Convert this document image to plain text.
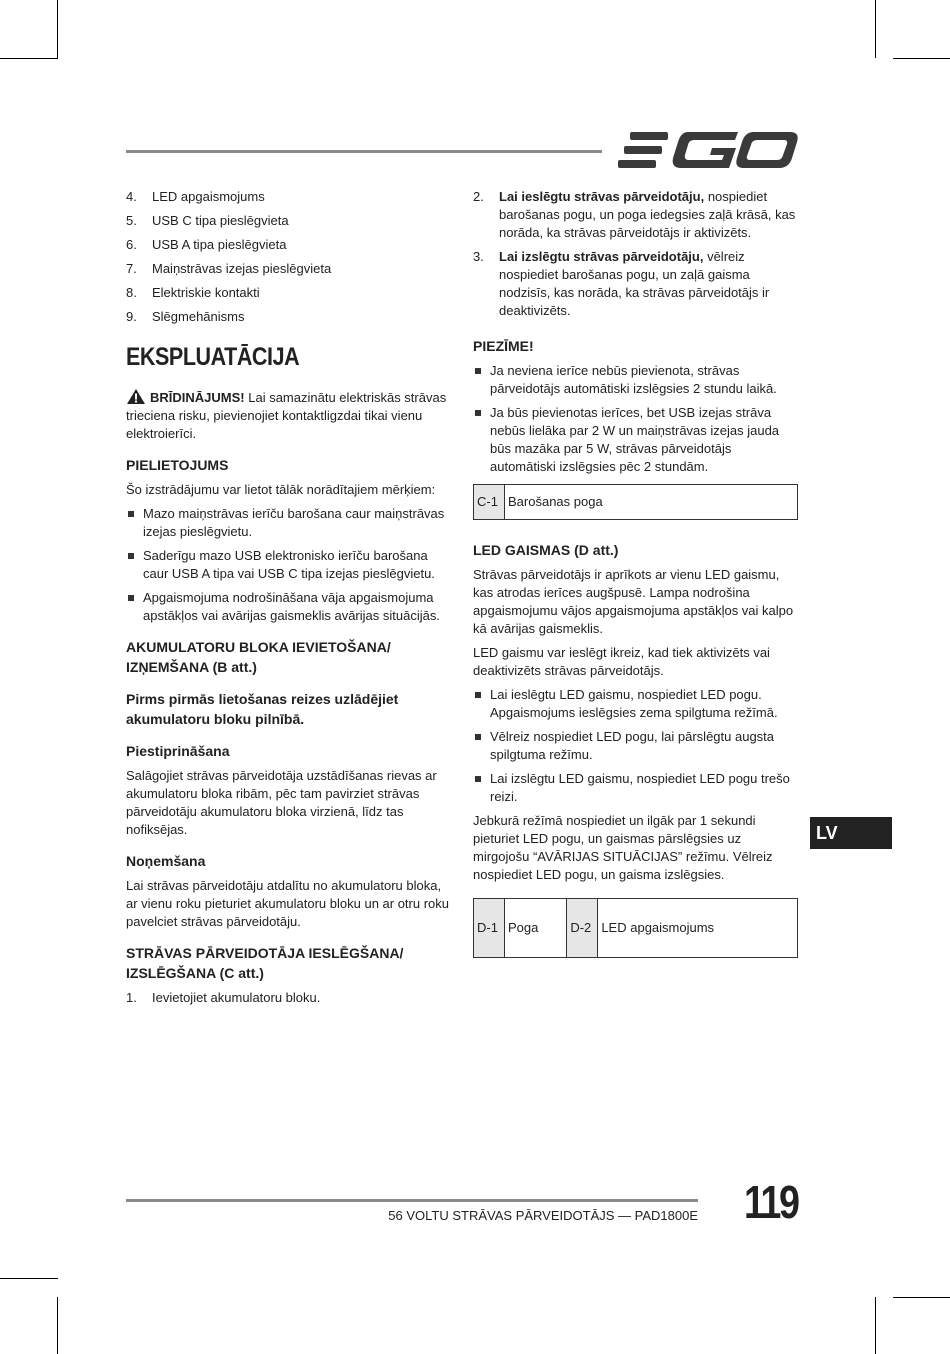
4. LED apgaismojums
5. USB C tipa pieslēgvieta
6. USB A tipa pieslēgvieta
7. Maiņstrāvas izejas pieslēgvieta
8. Elektriskie kontakti
9. Slēgmehānisms
EKSPLUATĀCIJA

BRĪDINĀJUMS! Lai samazinātu elektriskās strāvas trieciena risku, pievienojiet kontaktligzdai tikai vienu elektroierīci.

PIELIETOJUMS

Šo izstrādājumu var lietot tālāk norādītajiem mērķiem:

Mazo maiņstrāvas ierīču barošana caur maiņstrāvas izejas pieslēgvietu.
Saderīgu mazo USB elektronisko ierīču barošana caur USB A tipa vai USB C tipa izejas pieslēgvietu.
Apgaismojuma nodrošināšana vāja apgaismojuma apstākļos vai avārijas gaismeklis avārijas situācijās.
AKUMULATORU BLOKA IEVIETOŠANA/ IZŅEMŠANA (B att.)
Pirms pirmās lietošanas reizes uzlādējiet akumulatoru bloku pilnībā.
Piestiprināšana

Salāgojiet strāvas pārveidotāja uzstādīšanas rievas ar akumulatoru bloka ribām, pēc tam pavirziet strāvas pārveidotāju akumulatoru bloka virzienā, līdz tas nofiksējas.

Noņemšana

Lai strāvas pārveidotāju atdalītu no akumulatoru bloka, ar vienu roku pieturiet akumulatoru bloku un ar otru roku pavelciet strāvas pārveidotāju.

STRĀVAS PĀRVEIDOTĀJA IESLĒGŠANA/ IZSLĒGŠANA (C att.)
1. Ievietojiet akumulatoru bloku.
2. Lai ieslēgtu strāvas pārveidotāju, nospiediet barošanas pogu, un poga iedegsies zaļā krāsā, kas norāda, ka strāvas pārveidotājs ir aktivizēts.
3. Lai izslēgtu strāvas pārveidotāju, vēlreiz nospiediet barošanas pogu, un zaļā gaisma nodzisīs, kas norāda, ka strāvas pārveidotājs ir deaktivizēts.
PIEZĪME!
Ja neviena ierīce nebūs pievienota, strāvas pārveidotājs automātiski izslēgsies 2 stundu laikā.
Ja būs pievienotas ierīces, bet USB izejas strāva nebūs lielāka par 2 W un maiņstrāvas izejas jauda būs mazāka par 5 W, strāvas pārveidotājs automātiski izslēgsies pēc 2 stundām.
C-1	Barošanas poga
LED GAISMAS (D att.)

Strāvas pārveidotājs ir aprīkots ar vienu LED gaismu, kas atrodas ierīces augšpusē. Lampa nodrošina apgaismojumu vājos apgaismojuma apstākļos vai kalpo kā avārijas gaismeklis.

LED gaismu var ieslēgt ikreiz, kad tiek aktivizēts vai deaktivizēts strāvas pārveidotājs.

Lai ieslēgtu LED gaismu, nospiediet LED pogu. Apgaismojums ieslēgsies zema spilgtuma režīmā.
Vēlreiz nospiediet LED pogu, lai pārslēgtu augsta spilgtuma režīmu.
Lai izslēgtu LED gaismu, nospiediet LED pogu trešo reizi.

Jebkurā režīmā nospiediet un ilgāk par 1 sekundi pieturiet LED pogu, un gaismas pārslēgsies uz mirgojošu “AVĀRIJAS SITUĀCIJAS” režīmu. Vēlreiz nospiediet LED pogu, un gaisma izslēgsies.

D-1	Poga	D-2	LED apgaismojums
LV
56 VOLTU STRĀVAS PĀRVEIDOTĀJS — PAD1800E 119
